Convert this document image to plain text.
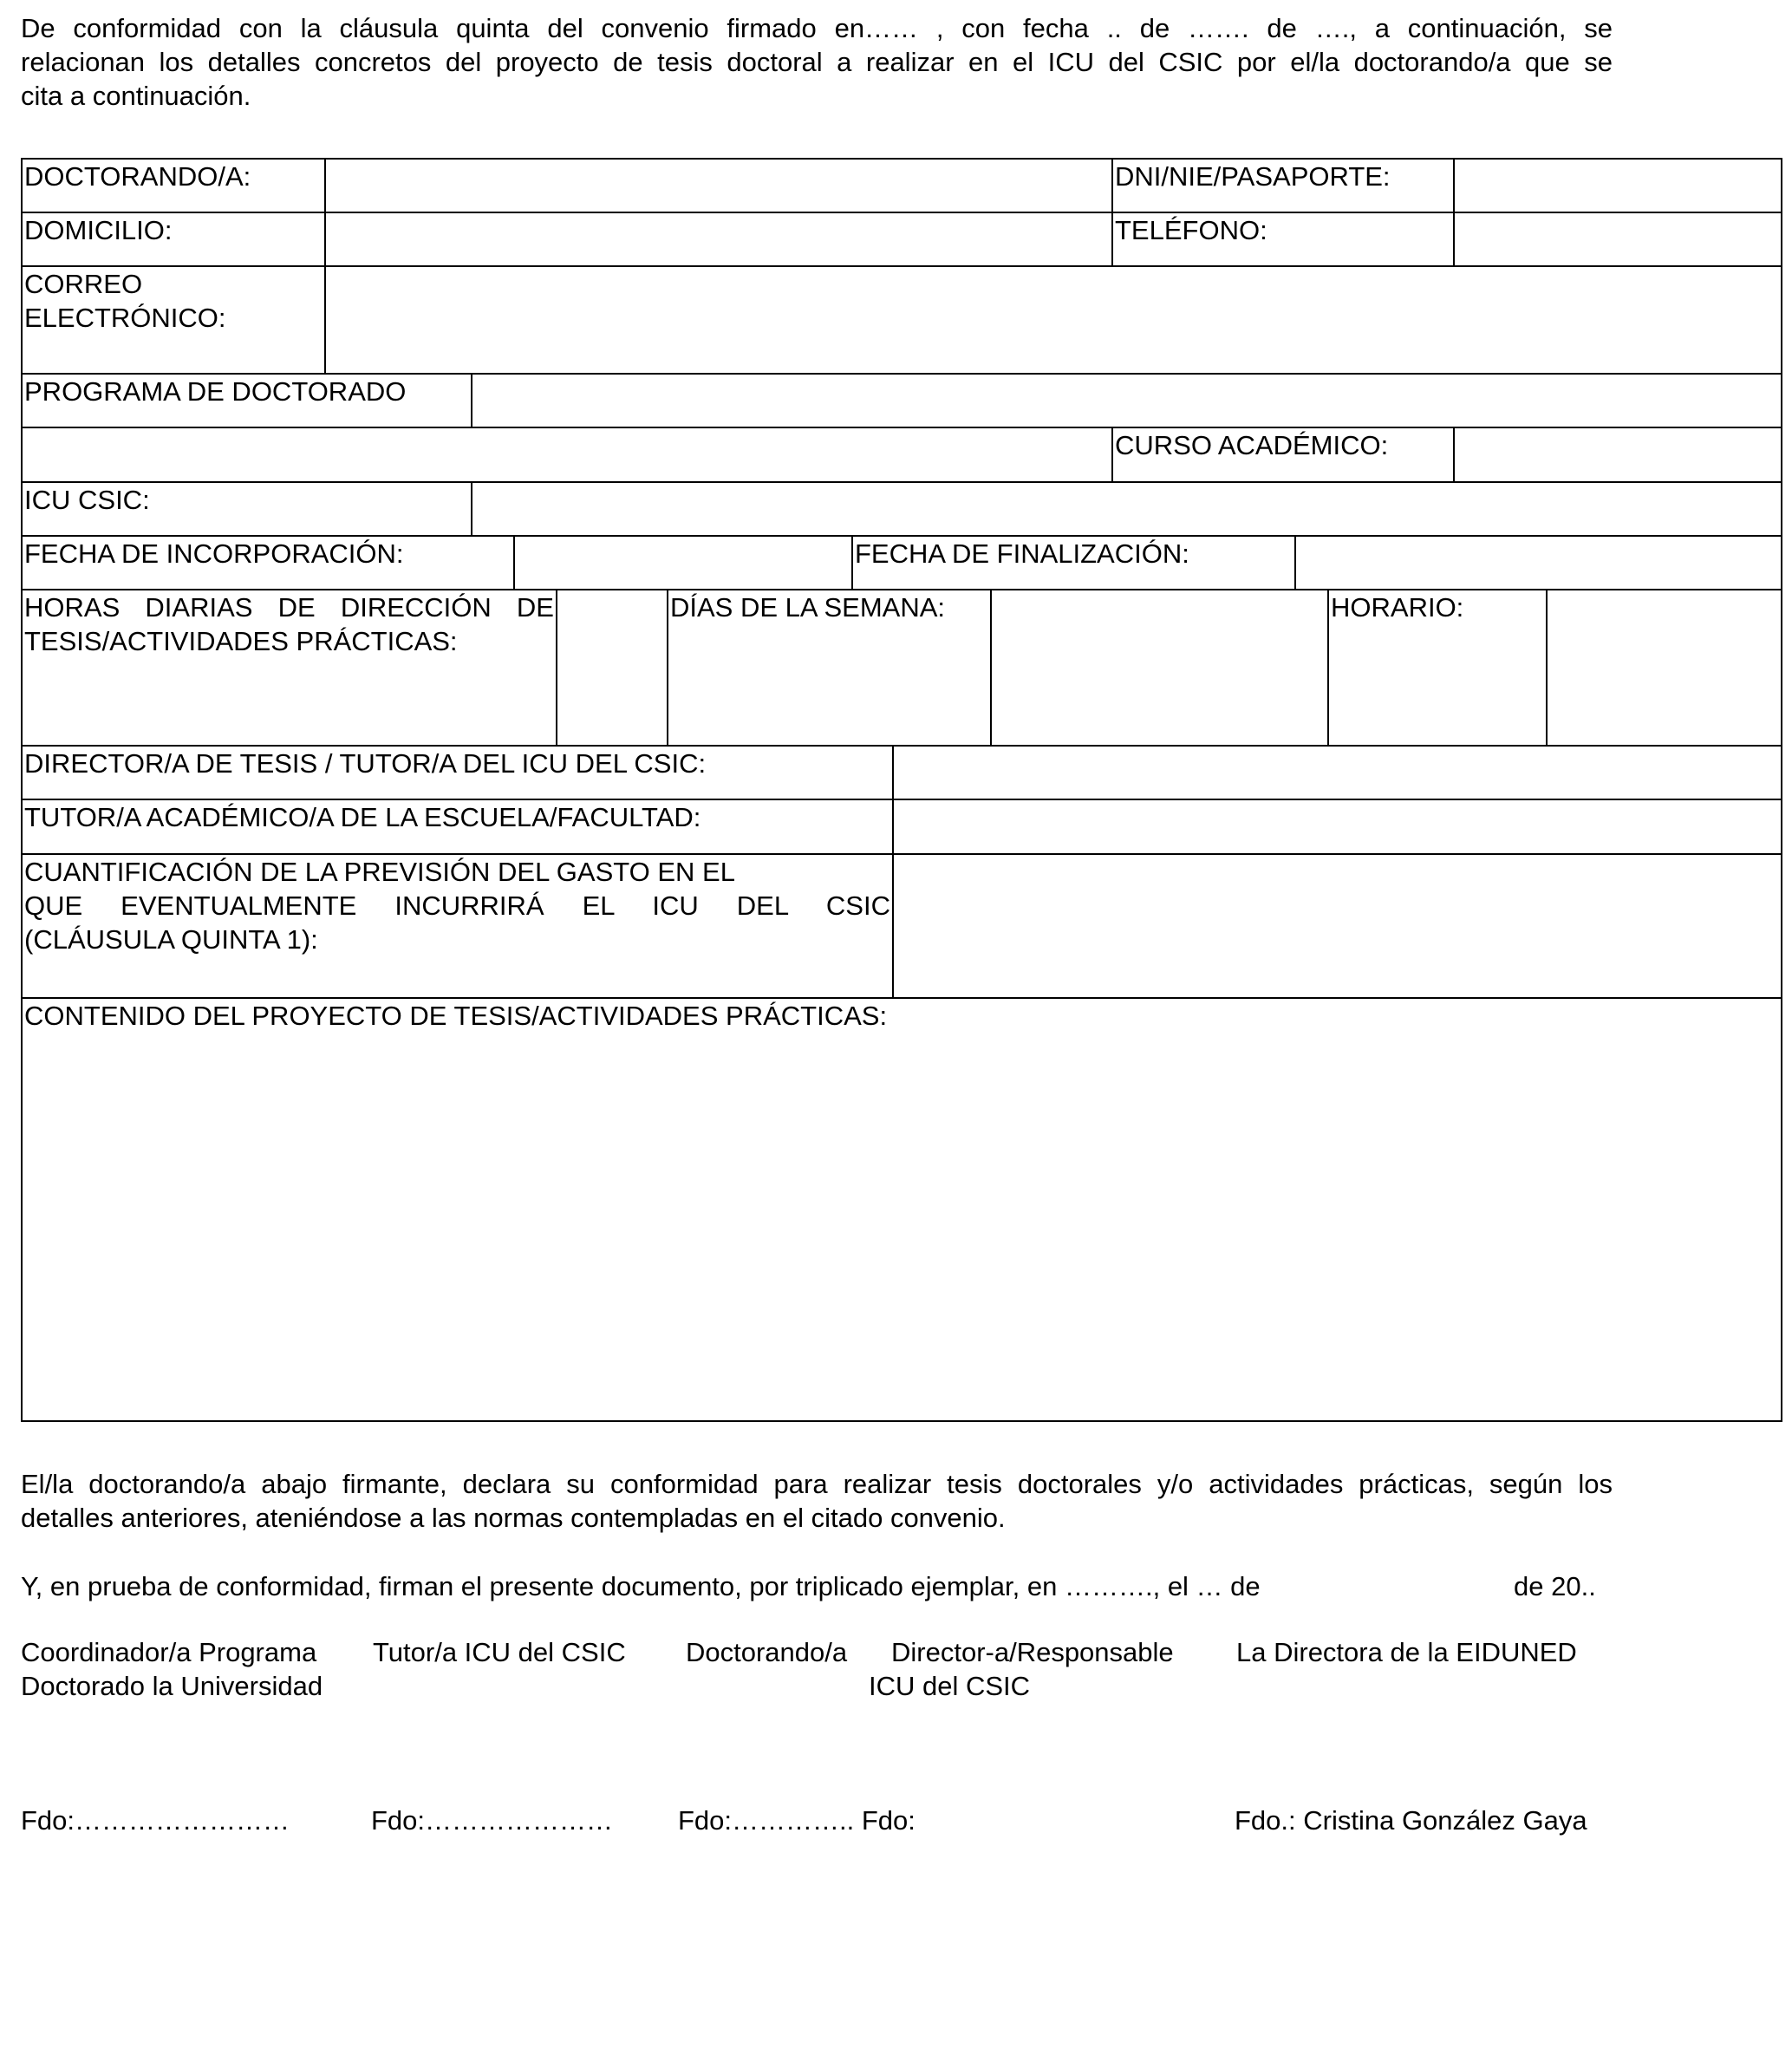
De conformidad con la cláusula quinta del convenio firmado en…… , con fecha .. de ……. de …., a continuación, se
relacionan los detalles concretos del proyecto de tesis doctoral a realizar en el ICU del CSIC por el/la doctorando/a que se
cita a continuación.
DOCTORANDO/A:	DNI/NIE/PASAPORTE:
DOMICILIO:	TELÉFONO:
CORREO
ELECTRÓNICO:
PROGRAMA DE DOCTORADO
CURSO ACADÉMICO:
ICU CSIC:
FECHA DE INCORPORACIÓN:	FECHA DE FINALIZACIÓN:
HORAS DIARIAS DE DIRECCIÓN DE
TESIS/ACTIVIDADES PRÁCTICAS:
DÍAS DE LA SEMANA:	HORARIO:
DIRECTOR/A DE TESIS / TUTOR/A DEL ICU DEL CSIC:
TUTOR/A ACADÉMICO/A DE LA ESCUELA/FACULTAD:
CUANTIFICACIÓN DE LA PREVISIÓN DEL GASTO EN EL
QUE EVENTUALMENTE INCURRIRÁ EL ICU DEL CSIC
(CLÁUSULA QUINTA 1):
CONTENIDO DEL PROYECTO DE TESIS/ACTIVIDADES PRÁCTICAS:
El/la doctorando/a abajo firmante, declara su conformidad para realizar tesis doctorales y/o actividades prácticas, según los
detalles anteriores, ateniéndose a las normas contempladas en el citado convenio.
Y, en prueba de conformidad, firman el presente documento, por triplicado ejemplar, en ………., el … de	de 20..
Coordinador/a Programa
Doctorado la Universidad
Tutor/a ICU del CSIC Doctorando/a Director-a/Responsable
ICU del CSIC
La Directora de la EIDUNED
Fdo:……………………	Fdo:………………… Fdo:………….. Fdo:	Fdo.: Cristina González Gaya
